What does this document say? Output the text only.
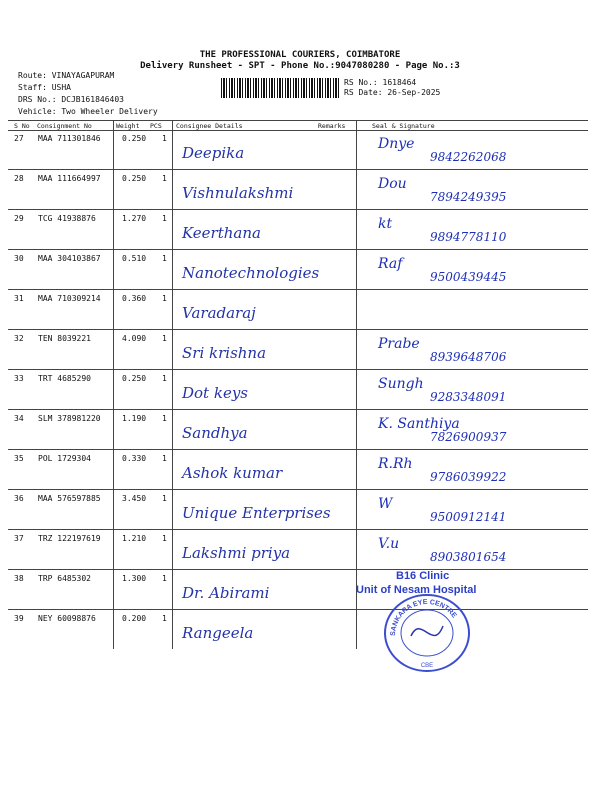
THE PROFESSIONAL COURIERS, COIMBATORE
Delivery Runsheet - SPT - Phone No.:9047080280 - Page No.:3
Route: VINAYAGAPURAM
Staff: USHA
DRS No.: DCJB161846403
Vehicle: Two Wheeler Delivery
RS No.: 1618464
RS Date: 26-Sep-2025
S No Consignment No	Weight PCS Consignee Details	Remarks	Seal & Signature
27 MAA 711301846	0.250 1
Deepika	Dnye
9842262068
28 MAA 111664997	0.250 1
Vishnulakshmi	Dou
7894249395
29 TCG 41938876	1.270 1
Keerthana	kt
9894778110
30 MAA 304103867	0.510 1
Nanotechnologies	Raf
9500439445
31 MAA 710309214	0.360 1
Varadaraj
32 TEN 8039221	4.090 1
Sri krishna	Prabe
8939648706
33 TRT 4685290	0.250 1
Dot keys	Sungh
9283348091
34 SLM 378981220	1.190 1
Sandhya	K. Santhiya
7826900937
35 POL 1729304	0.330 1
Ashok kumar	R.Rh
9786039922
36 MAA 576597885	3.450 1
Unique Enterprises	W
9500912141
37 TRZ 122197619	1.210 1
Lakshmi priya	V.u
8903801654
38 TRP 6485302	1.300 1
Dr. Abirami
39 NEY 60098876	0.200 1
Rangeela
B16 Clinic
Unit of Nesam Hospital
SANKARA EYE CENTRE
CBE
